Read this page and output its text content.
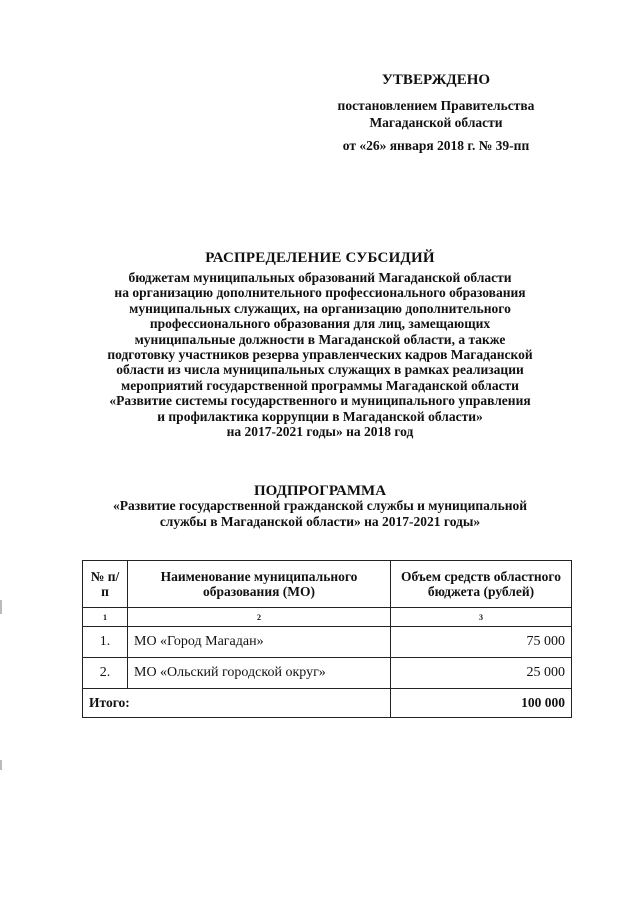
УТВЕРЖДЕНО
постановлением Правительства
Магаданской области
от «26» января 2018 г. № 39-пп
РАСПРЕДЕЛЕНИЕ СУБСИДИЙ
бюджетам муниципальных образований Магаданской области
на организацию дополнительного профессионального образования
муниципальных служащих, на организацию дополнительного
профессионального образования для лиц, замещающих
муниципальные должности в Магаданской области, а также
подготовку участников резерва управленческих кадров Магаданской
области из числа муниципальных служащих в рамках реализации
мероприятий государственной программы Магаданской области
«Развитие системы государственного и муниципального управления
и профилактика коррупции в Магаданской области»
на 2017-2021 годы» на 2018 год
ПОДПРОГРАММА
«Развитие государственной гражданской службы и муниципальной
службы в Магаданской области» на 2017-2021 годы»
№ п/п	Наименование муниципального образования (МО)	Объем средств областного бюджета (рублей)
1	2	3
1.	МО «Город Магадан»	75 000
2.	МО «Ольский городской округ»	25 000
Итого:		100 000
